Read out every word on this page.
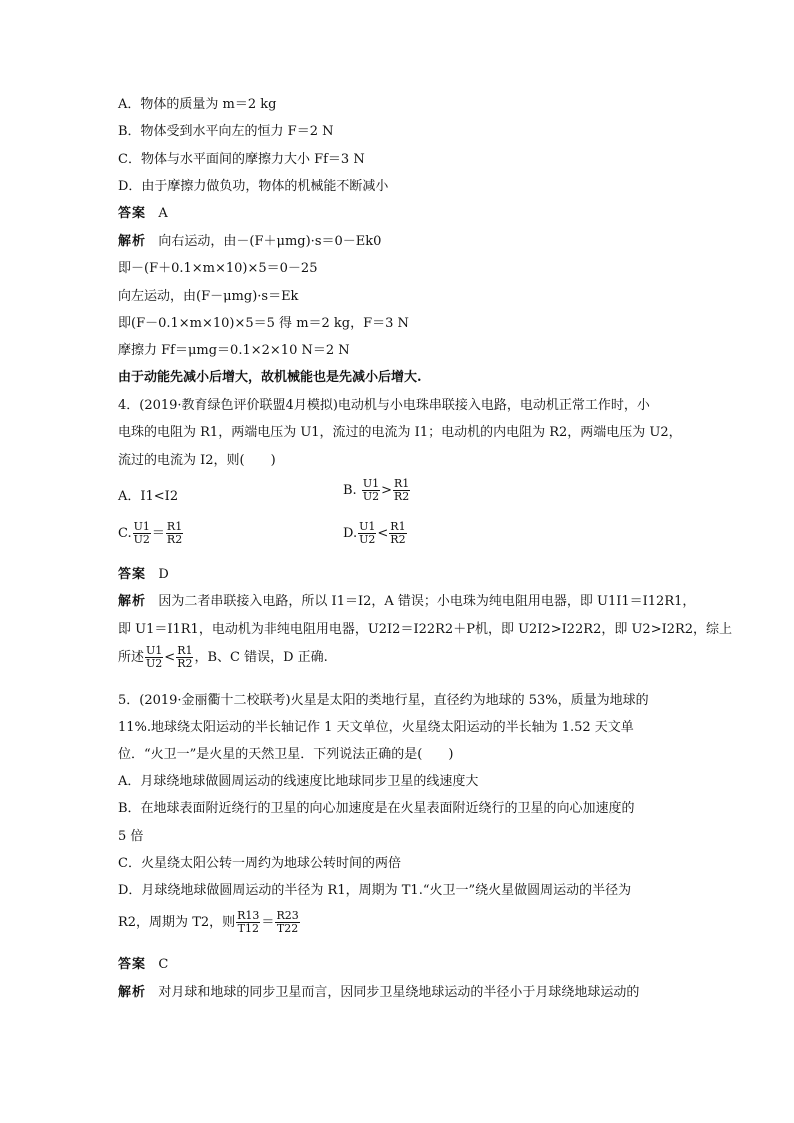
A．物体的质量为 m＝2 kg
B．物体受到水平向左的恒力 F＝2 N
C．物体与水平面间的摩擦力大小 Ff＝3 N
D．由于摩擦力做负功，物体的机械能不断减小
答案 A
解析 向右运动，由－(F＋μmg)·s＝0－Ek0
即－(F＋0.1×m×10)×5＝0－25
向左运动，由(F－μmg)·s＝Ek
即(F－0.1×m×10)×5＝5 得 m＝2 kg，F＝3 N
摩擦力 Ff＝μmg＝0.1×2×10 N＝2 N
由于动能先减小后增大，故机械能也是先减小后增大.
4．(2019·教育绿色评价联盟4月模拟)电动机与小电珠串联接入电路，电动机正常工作时，小
电珠的电阻为 R1，两端电压为 U1，流过的电流为 I1；电动机的内电阻为 R2，两端电压为 U2，
流过的电流为 I2，则(　　)
A．I1<I2	B. $\frac{U1}{U2} > \frac{R1}{R2}$
C. $\frac{U1}{U2} = \frac{R1}{R2}$	D. $\frac{U1}{U2} < \frac{R1}{R2}$
答案 D
解析 因为二者串联接入电路，所以 I1＝I2，A 错误；小电珠为纯电阻用电器，即 U1I1＝I12R1，
即 U1＝I1R1，电动机为非纯电阻用电器，U2I2＝I22R2＋P机，即 U2I2>I22R2，即 U2>I2R2，综上
所述 $\frac{U1}{U2} < \frac{R1}{R2}$ ，B、C 错误，D 正确.
5．(2019·金丽衢十二校联考)火星是太阳的类地行星，直径约为地球的 53%，质量为地球的
11%.地球绕太阳运动的半长轴记作 1 天文单位，火星绕太阳运动的半长轴为 1.52 天文单
位．“火卫一”是火星的天然卫星．下列说法正确的是(　　)
A．月球绕地球做圆周运动的线速度比地球同步卫星的线速度大
B．在地球表面附近绕行的卫星的向心加速度是在火星表面附近绕行的卫星的向心加速度的
5 倍
C．火星绕太阳公转一周约为地球公转时间的两倍
D．月球绕地球做圆周运动的半径为 R1，周期为 T1.“火卫一”绕火星做圆周运动的半径为
R2，周期为 T2，则 $\frac{R13}{T12} = \frac{R23}{T22}$
答案 C
解析 对月球和地球的同步卫星而言，因同步卫星绕地球运动的半径小于月球绕地球运动的
